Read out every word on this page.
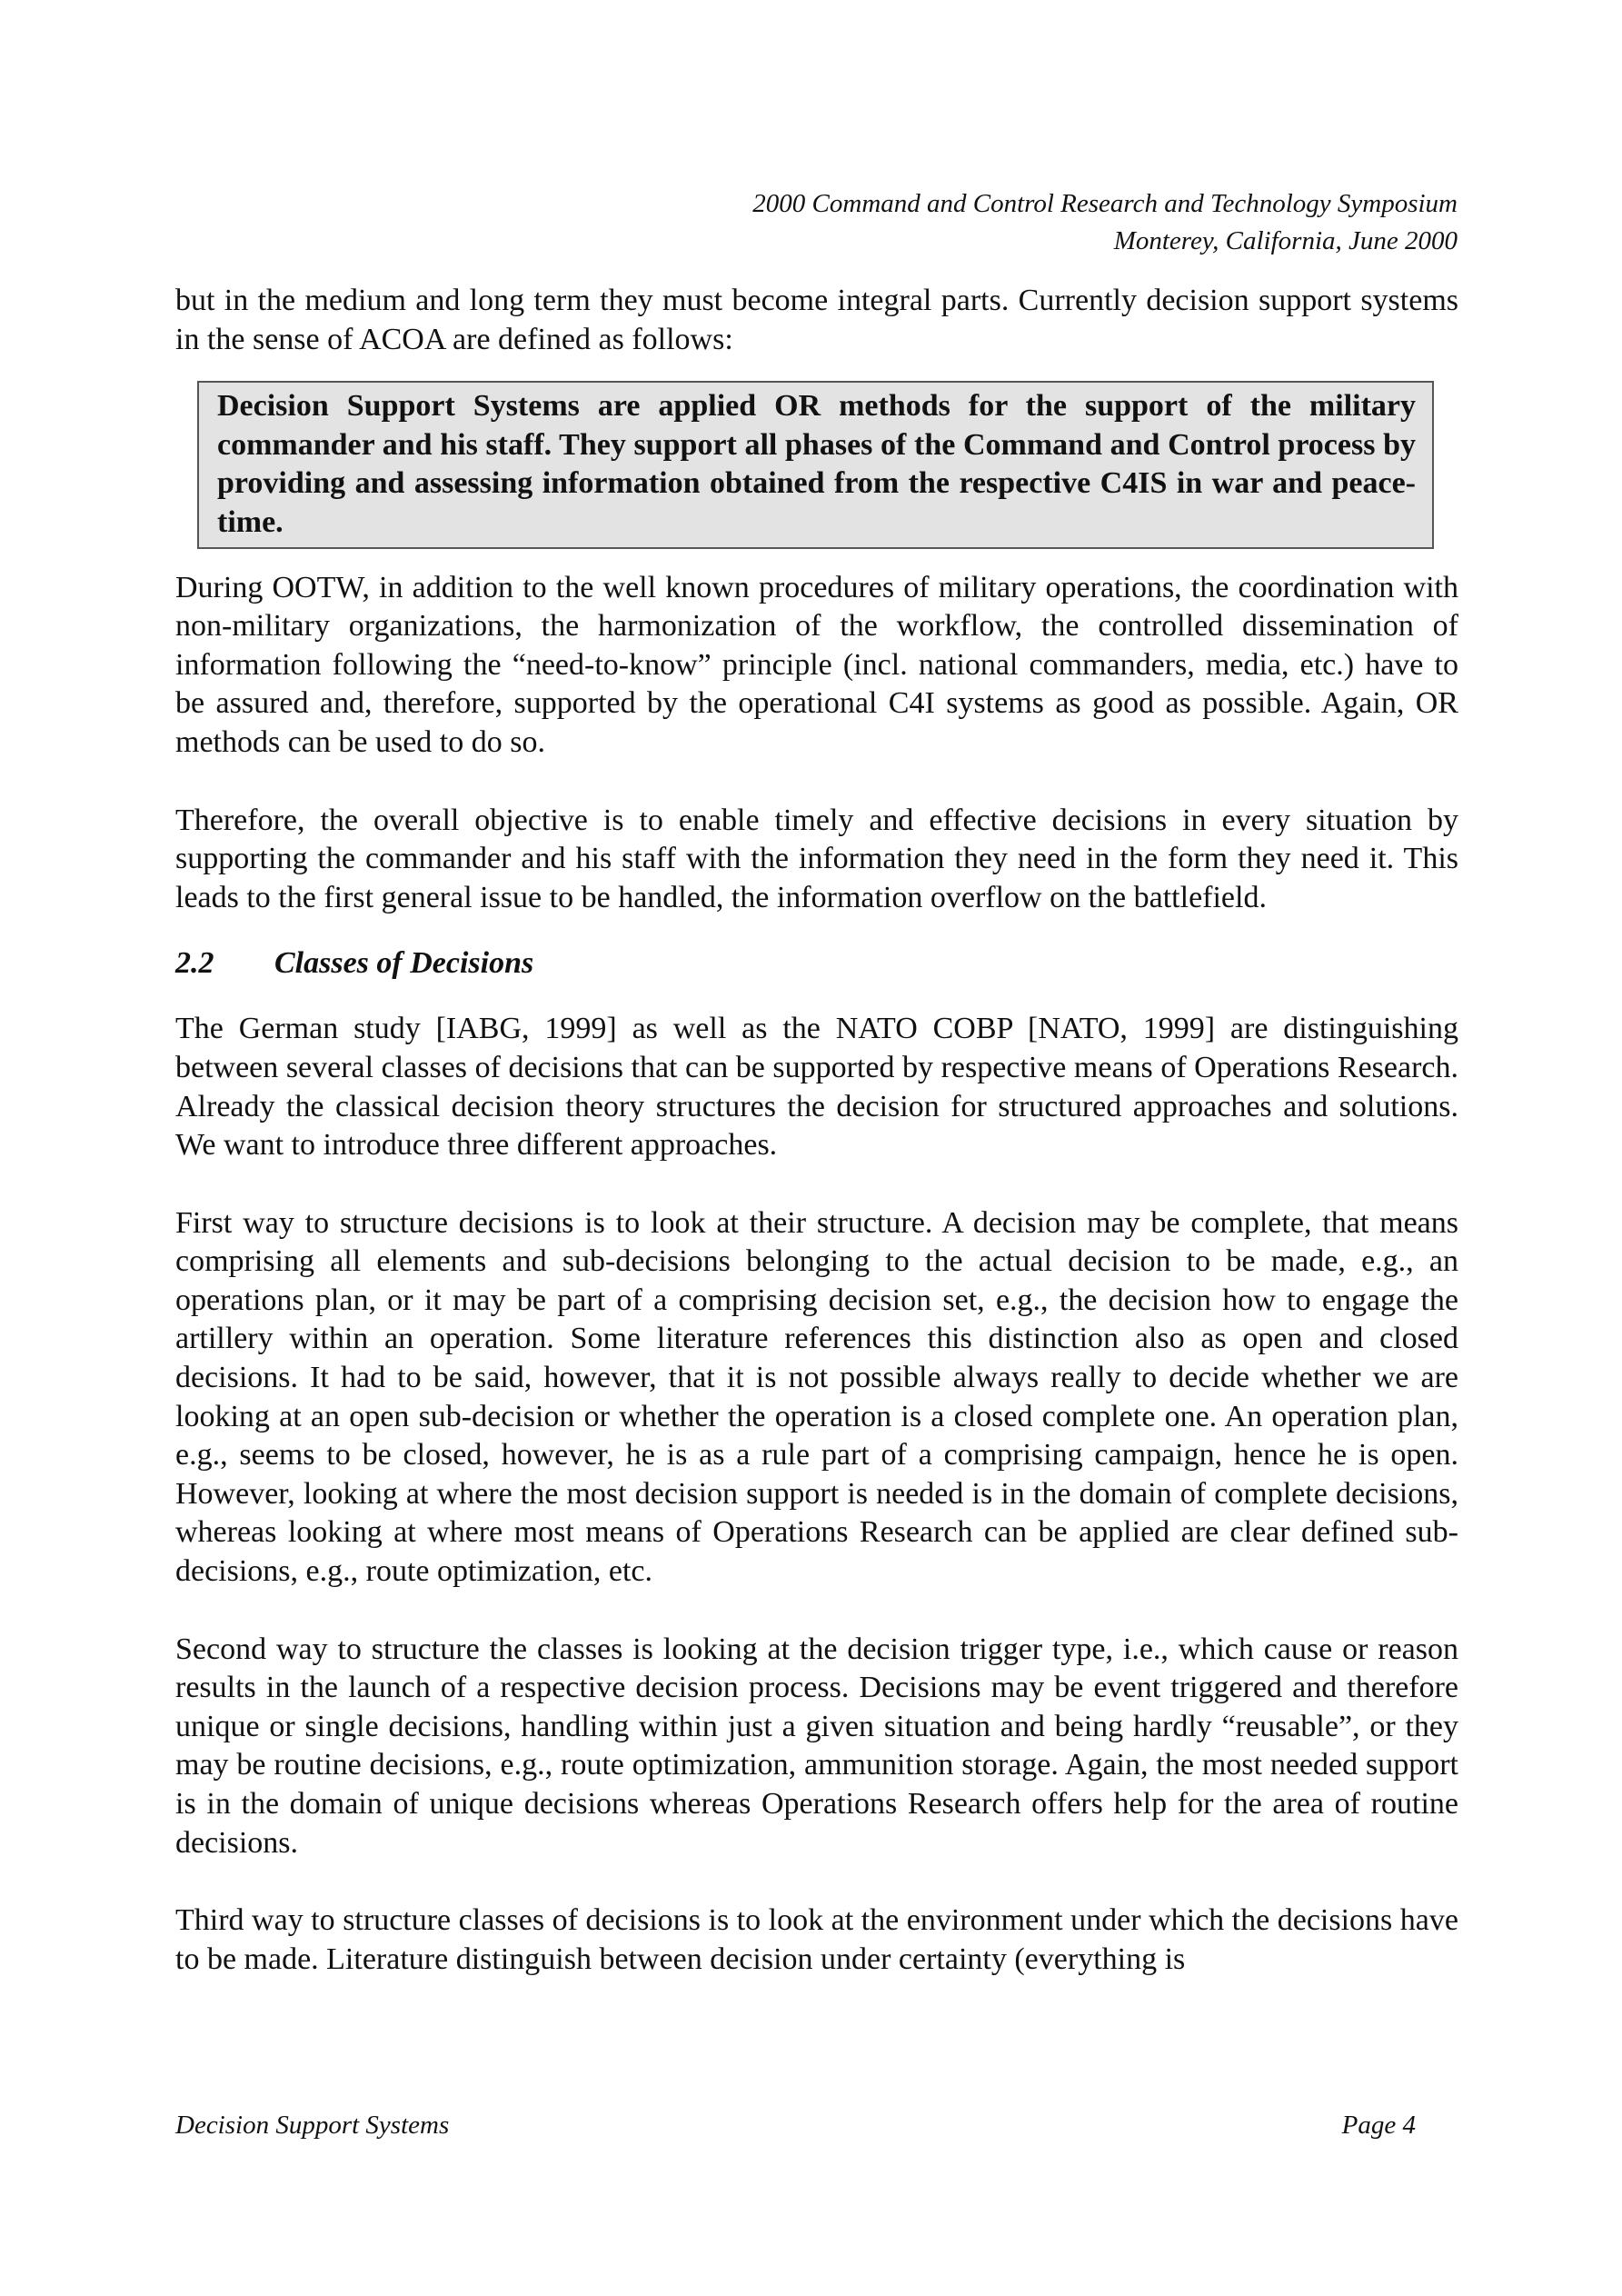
2000 Command and Control Research and Technology Symposium
Monterey, California, June 2000

but in the medium and long term they must become integral parts. Currently decision support systems in the sense of ACOA are defined as follows:

Decision Support Systems are applied OR methods for the support of the military commander and his staff. They support all phases of the Command and Control process by providing and assessing information obtained from the respective C4IS in war and peace-time.

During OOTW, in addition to the well known procedures of military operations, the coordination with non-military organizations, the harmonization of the workflow, the controlled dissemination of information following the “need-to-know” principle (incl. national commanders, media, etc.) have to be assured and, therefore, supported by the operational C4I systems as good as possible. Again, OR methods can be used to do so.

Therefore, the overall objective is to enable timely and effective decisions in every situation by supporting the commander and his staff with the information they need in the form they need it. This leads to the first general issue to be handled, the information overflow on the battlefield.

2.2	Classes of Decisions

The German study [IABG, 1999] as well as the NATO COBP [NATO, 1999] are distinguishing between several classes of decisions that can be supported by respective means of Operations Research. Already the classical decision theory structures the decision for structured approaches and solutions. We want to introduce three different approaches.

First way to structure decisions is to look at their structure. A decision may be complete, that means comprising all elements and sub-decisions belonging to the actual decision to be made, e.g., an operations plan, or it may be part of a comprising decision set, e.g., the decision how to engage the artillery within an operation. Some literature references this distinction also as open and closed decisions. It had to be said, however, that it is not possible always really to decide whether we are looking at an open sub-decision or whether the operation is a closed complete one. An operation plan, e.g., seems to be closed, however, he is as a rule part of a comprising campaign, hence he is open. However, looking at where the most decision support is needed is in the domain of complete decisions, whereas looking at where most means of Operations Research can be applied are clear defined sub-decisions, e.g., route optimization, etc.

Second way to structure the classes is looking at the decision trigger type, i.e., which cause or reason results in the launch of a respective decision process. Decisions may be event triggered and therefore unique or single decisions, handling within just a given situation and being hardly “reusable”, or they may be routine decisions, e.g., route optimization, ammunition storage. Again, the most needed support is in the domain of unique decisions whereas Operations Research offers help for the area of routine decisions.

Third way to structure classes of decisions is to look at the environment under which the decisions have to be made. Literature distinguish between decision under certainty (everything is

Decision Support Systems	Page 4
